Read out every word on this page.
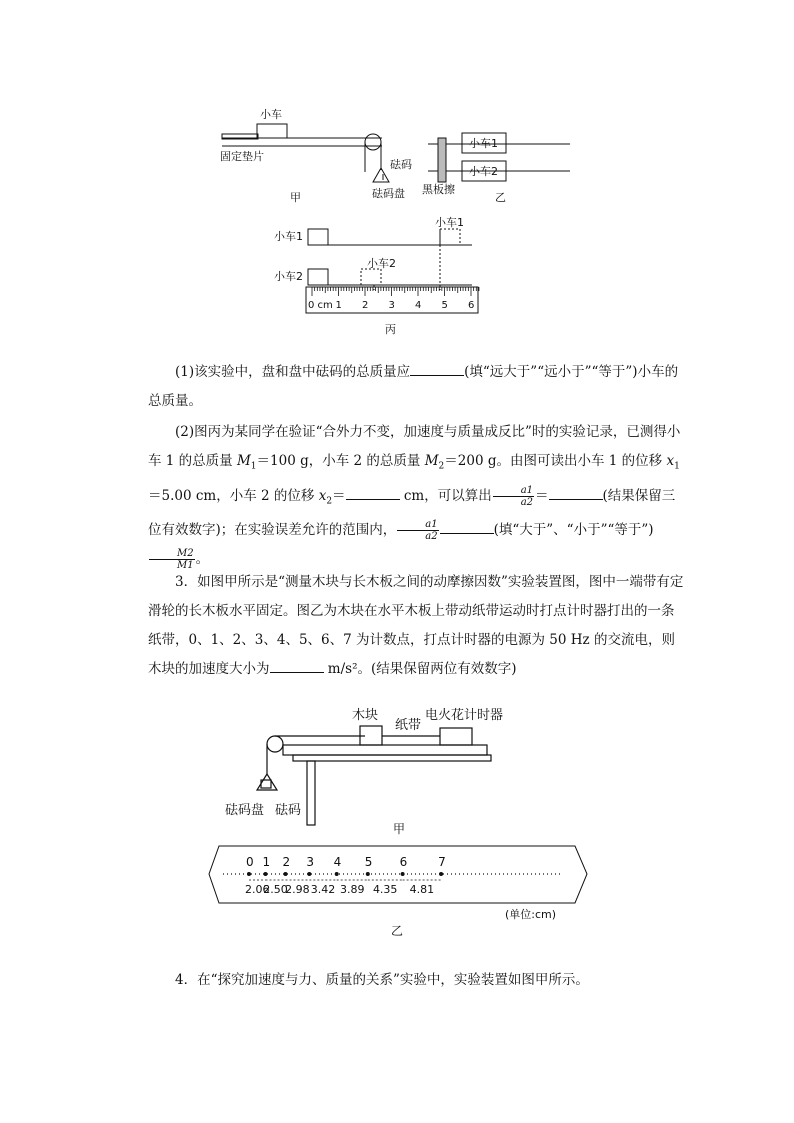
小车
固定垫片
砝码
砝码盘
甲
小车1
小车2
黑板擦
乙
0 cm 1 2 3 4 5 6
小车1
小车2
小车1
小车2
丙

(1)该实验中，盘和盘中砝码的总质量应	(填“远大于”“远小于”“等于”)小车的总质量。

(2)图丙为某同学在验证“合外力不变，加速度与质量成反比”时的实验记录，已测得小车 1 的总质量 $M_1=100$ g，小车 2 的总质量 $M_2=200$ g。由图可读出小车 1 的位移 $x_1=5.00$ cm，小车 2 的位移 $x_2=$	cm，可以算出 $\frac{a1}{a2}$ ＝	(结果保留三位有效数字)；在实验误差允许的范围内， $\frac{a1}{a2}$	(填“大于”、“小于”“等于”)
$\frac{M2}{M1}$ 。

3．如图甲所示是“测量木块与长木板之间的动摩擦因数”实验装置图，图中一端带有定滑轮的长木板水平固定。图乙为木块在水平木板上带动纸带运动时打点计时器打出的一条纸带，0、1、2、3、4、5、6、7 为计数点，打点计时器的电源为 50 Hz 的交流电，则木块的加速度大小为	m/s²。(结果保留两位有效数字)

木块
纸带
电火花计时器
砝码盘 砝码
甲
0 1 2 3 4 5 6	7
2.06
2.50
2.98 3.42 3.89 4.35 4.81
(单位:cm)
乙

4．在“探究加速度与力、质量的关系”实验中，实验装置如图甲所示。
